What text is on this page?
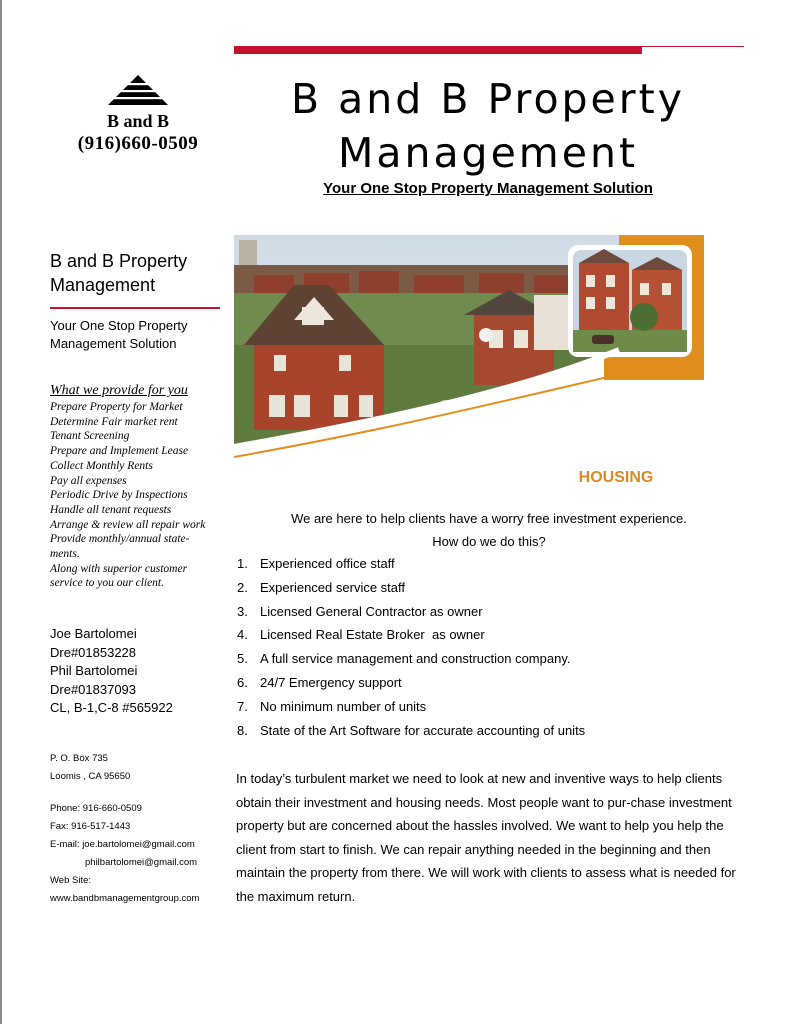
B and B
(916)660-0509
B and B Property Management
Your One Stop Property Management Solution
B and B Property Management
Your One Stop Property Management Solution
What we provide for you
Prepare Property for Market
Determine Fair market rent
Tenant Screening
Prepare and Implement Lease
Collect Monthly Rents
Pay all expenses
Periodic Drive by Inspections
Handle all tenant requests
Arrange & review all repair work
Provide monthly/annual state-
ments.
Along with superior customer
service to you our client.
Joe Bartolomei
Dre#01853228
Phil Bartolomei
Dre#01837093
CL, B-1,C-8 #565922
P. O. Box 735
Loomis , CA 95650
Phone: 916-660-0509
Fax: 916-517-1443
E-mail: joe.bartolomei@gmail.com
philbartolomei@gmail.com
Web Site:
www.bandbmanagementgroup.com
HOUSING
We are here to help clients have a worry free investment experience.
How do we do this?
1. Experienced office staff
2. Experienced service staff
3. Licensed General Contractor as owner
4. Licensed Real Estate Broker  as owner
5. A full service management and construction company.
6. 24/7 Emergency support
7. No minimum number of units
8. State of the Art Software for accurate accounting of units
In today’s turbulent market we need to look at new and inventive ways to help clients obtain their investment and housing needs. Most people want to pur-chase investment property but are concerned about the hassles involved. We want to help you help the client from start to finish. We can repair anything needed in the beginning and then maintain the property from there. We will work with clients to assess what is needed for the maximum return.
